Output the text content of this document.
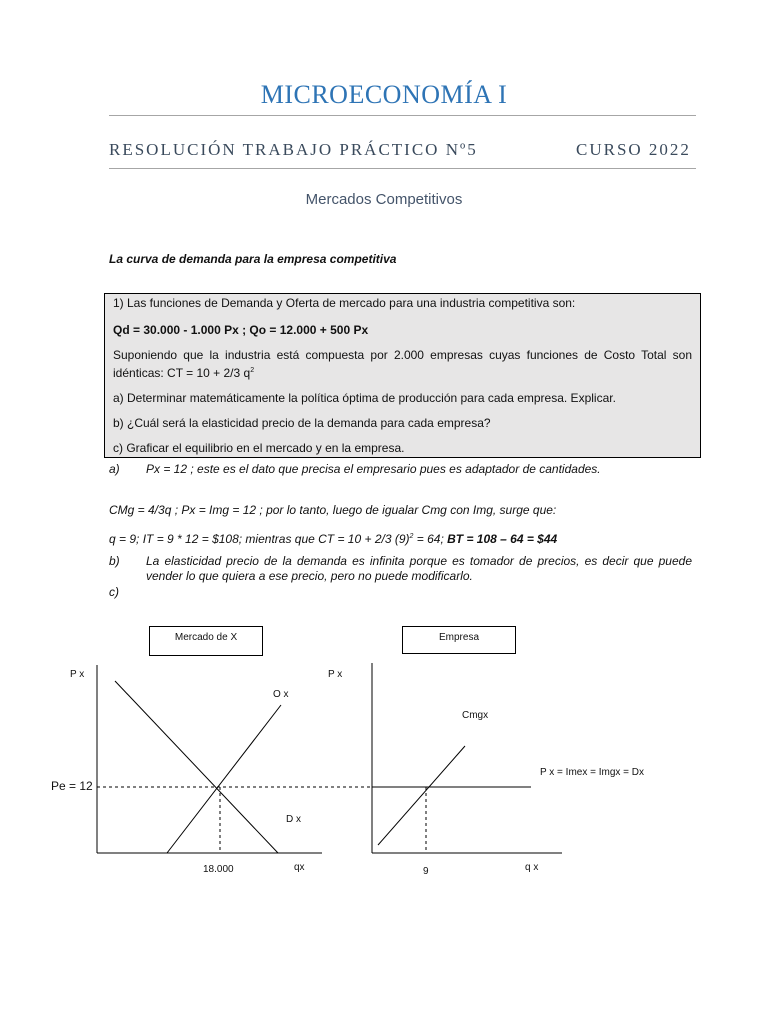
MICROECONOMÍA I
RESOLUCIÓN TRABAJO PRÁCTICO Nº5	CURSO 2022
Mercados Competitivos
La curva de demanda para la empresa competitiva

1) Las funciones de Demanda y Oferta de mercado para una industria competitiva son:

Qd = 30.000 - 1.000 Px ; Qo = 12.000 + 500 Px

Suponiendo que la industria está compuesta por 2.000 empresas cuyas funciones de Costo Total son idénticas: CT = 10 + 2/3 $q^2$

a) Determinar matemáticamente la política óptima de producción para cada empresa. Explicar.

b) ¿Cuál será la elasticidad precio de la demanda para cada empresa?

c) Graficar el equilibrio en el mercado y en la empresa.

a) Px = 12 ; este es el dato que precisa el empresario pues es adaptador de cantidades.
CMg = 4/3q ; Px = Img = 12 ; por lo tanto, luego de igualar Cmg con Img, surge que:
q = 9; IT = 9 * 12 = $108; mientras que CT = 10 + 2/3 $(9)^2 = 64$; BT = 108 – 64 = $44
b)	La elasticidad precio de la demanda es infinita porque es tomador de precios, es decir que puede vender lo que quiera a ese precio, pero no puede modificarlo.
c)
Mercado de X	Empresa
P x
O x
D x
Pe = 12
18.000	qx
P x
Cmgx
P x = Imex = Imgx = Dx
9	q x
